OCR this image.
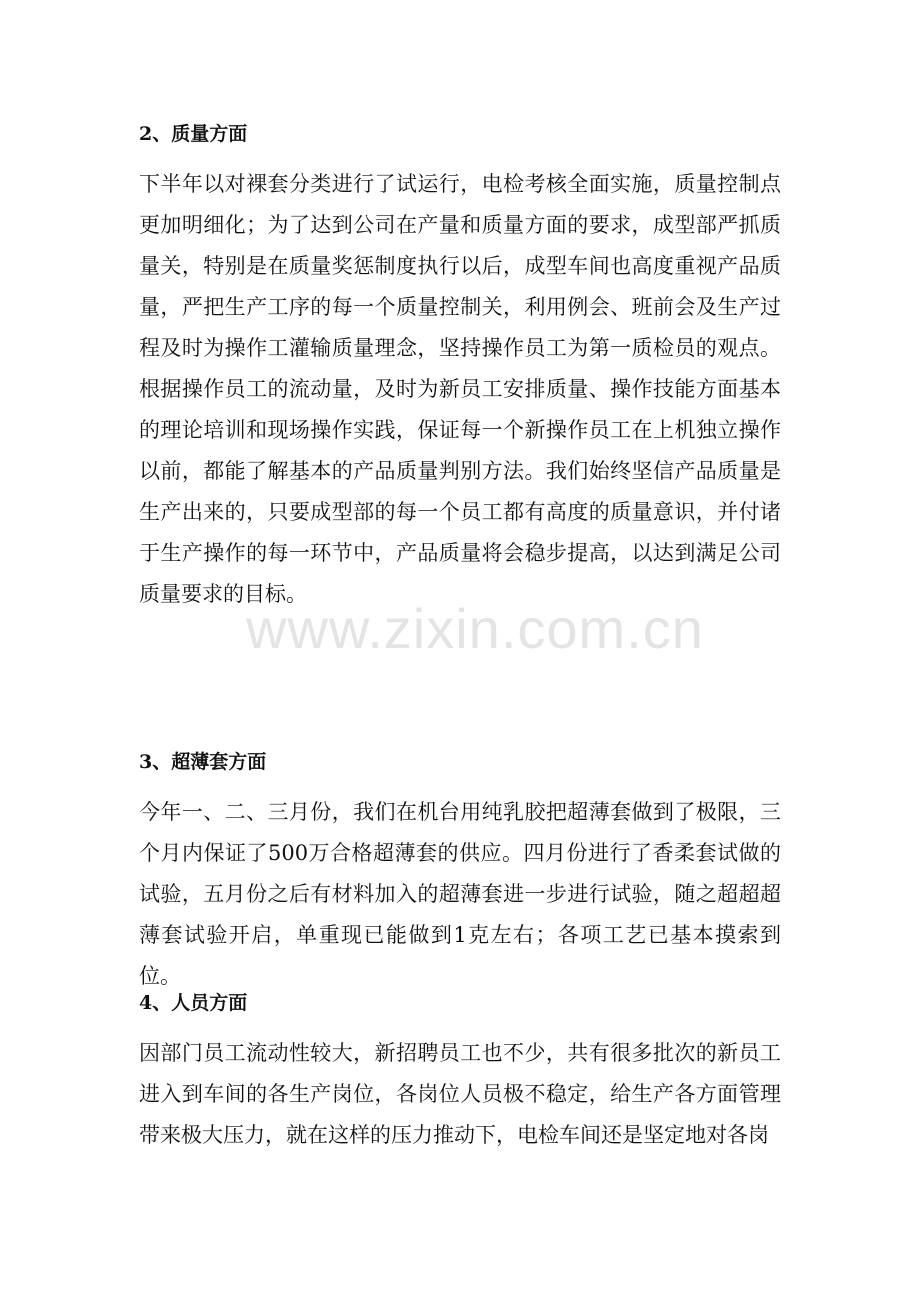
2、质量方面

下半年以对裸套分类进行了试运行，电检考核全面实施，质量控制点更加明细化；为了达到公司在产量和质量方面的要求，成型部严抓质量关，特别是在质量奖惩制度执行以后，成型车间也高度重视产品质量，严把生产工序的每一个质量控制关，利用例会、班前会及生产过程及时为操作工灌输质量理念，坚持操作员工为第一质检员的观点。根据操作员工的流动量，及时为新员工安排质量、操作技能方面基本的理论培训和现场操作实践，保证每一个新操作员工在上机独立操作以前，都能了解基本的产品质量判别方法。我们始终坚信产品质量是生产出来的，只要成型部的每一个员工都有高度的质量意识，并付诸于生产操作的每一环节中，产品质量将会稳步提高，以达到满足公司质量要求的目标。

3、超薄套方面

今年一、二、三月份，我们在机台用纯乳胶把超薄套做到了极限，三个月内保证了500万合格超薄套的供应。四月份进行了香柔套试做的试验，五月份之后有材料加入的超薄套进一步进行试验，随之超超超薄套试验开启，单重现已能做到1克左右；各项工艺已基本摸索到位。

4、人员方面

因部门员工流动性较大，新招聘员工也不少，共有很多批次的新员工进入到车间的各生产岗位，各岗位人员极不稳定，给生产各方面管理带来极大压力，就在这样的压力推动下，电检车间还是坚定地对各岗

www.zixin.com.cn
